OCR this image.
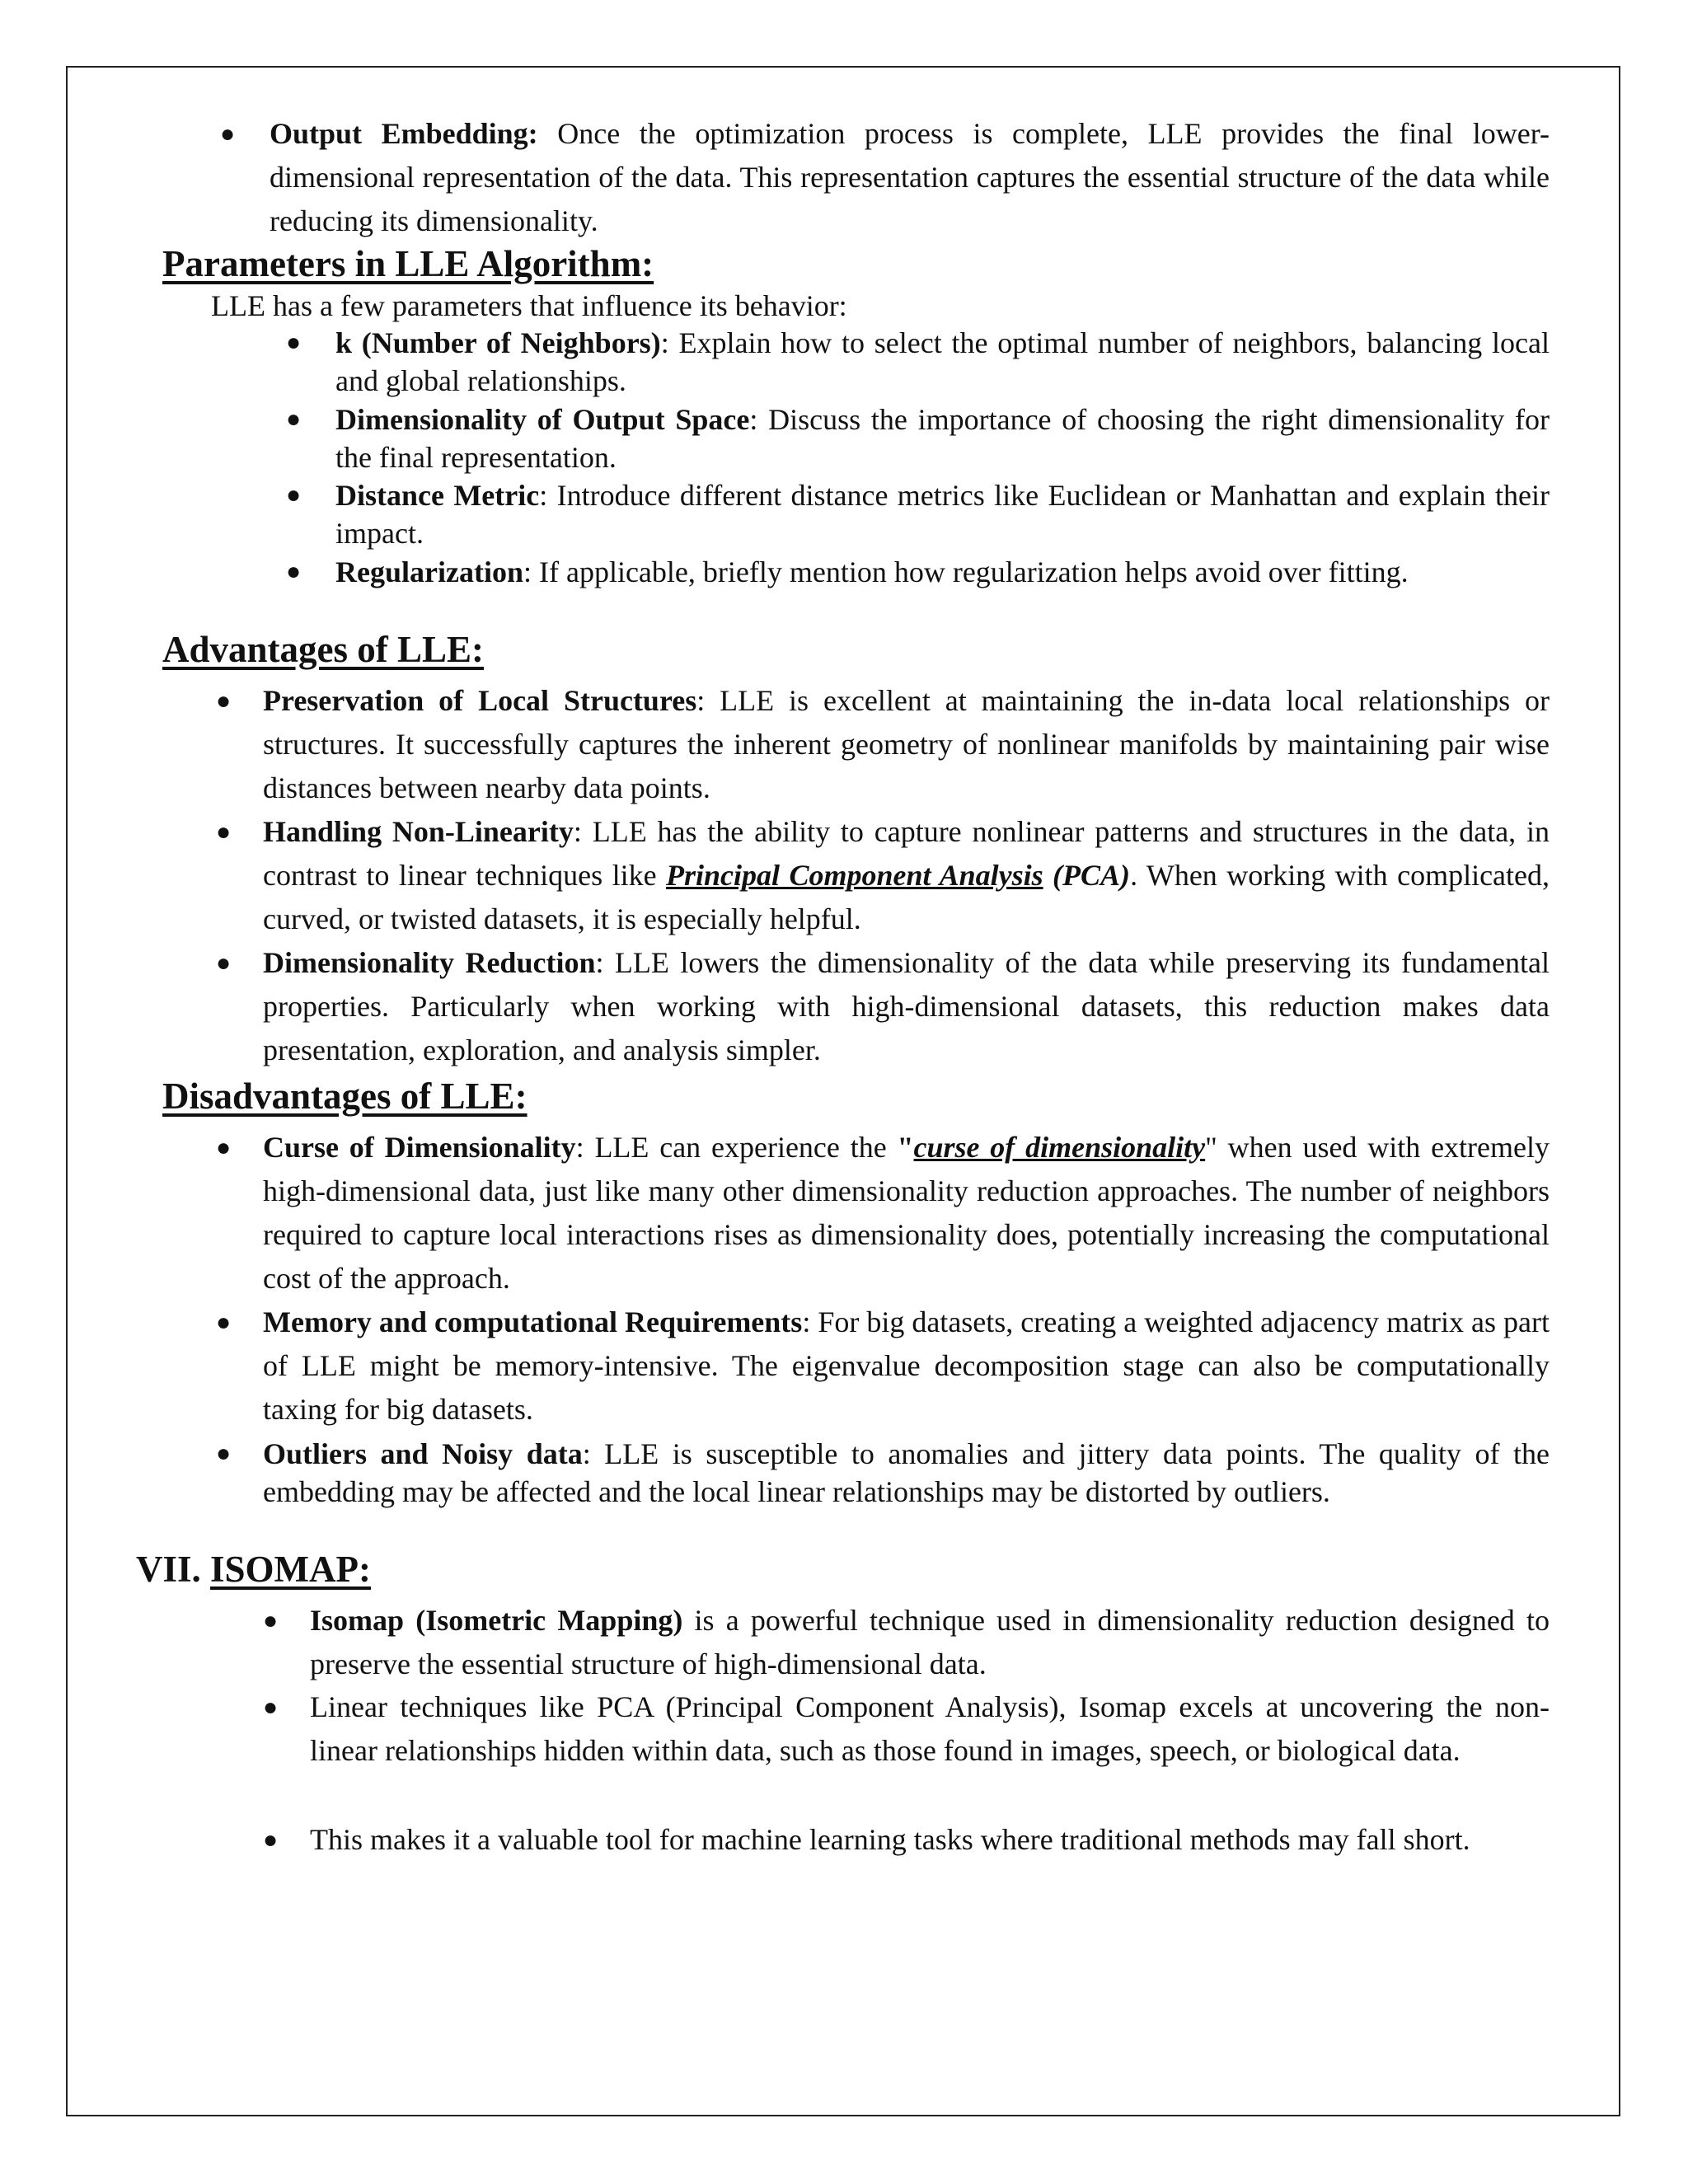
● Output Embedding: Once the optimization process is complete, LLE provides the final lower-dimensional representation of the data. This representation captures the essential structure of the data while reducing its dimensionality.
Parameters in LLE Algorithm:
LLE has a few parameters that influence its behavior:
● k (Number of Neighbors): Explain how to select the optimal number of neighbors, balancing local and global relationships.
● Dimensionality of Output Space: Discuss the importance of choosing the right dimensionality for the final representation.
● Distance Metric: Introduce different distance metrics like Euclidean or Manhattan and explain their impact.
● Regularization: If applicable, briefly mention how regularization helps avoid over fitting.
Advantages of LLE:
● Preservation of Local Structures: LLE is excellent at maintaining the in-data local relationships or structures. It successfully captures the inherent geometry of nonlinear manifolds by maintaining pair wise distances between nearby data points.
● Handling Non-Linearity: LLE has the ability to capture nonlinear patterns and structures in the data, in contrast to linear techniques like Principal Component Analysis (PCA). When working with complicated, curved, or twisted datasets, it is especially helpful.
● Dimensionality Reduction: LLE lowers the dimensionality of the data while preserving its fundamental properties. Particularly when working with high-dimensional datasets, this reduction makes data presentation, exploration, and analysis simpler.
Disadvantages of LLE:
● Curse of Dimensionality: LLE can experience the "curse of dimensionality" when used with extremely high-dimensional data, just like many other dimensionality reduction approaches. The number of neighbors required to capture local interactions rises as dimensionality does, potentially increasing the computational cost of the approach.
● Memory and computational Requirements: For big datasets, creating a weighted adjacency matrix as part of LLE might be memory-intensive. The eigenvalue decomposition stage can also be computationally taxing for big datasets.
● Outliers and Noisy data: LLE is susceptible to anomalies and jittery data points. The quality of the embedding may be affected and the local linear relationships may be distorted by outliers.
VII. ISOMAP:
● Isomap (Isometric Mapping) is a powerful technique used in dimensionality reduction designed to preserve the essential structure of high-dimensional data.
● Linear techniques like PCA (Principal Component Analysis), Isomap excels at uncovering the non-linear relationships hidden within data, such as those found in images, speech, or biological data.
● This makes it a valuable tool for machine learning tasks where traditional methods may fall short.
